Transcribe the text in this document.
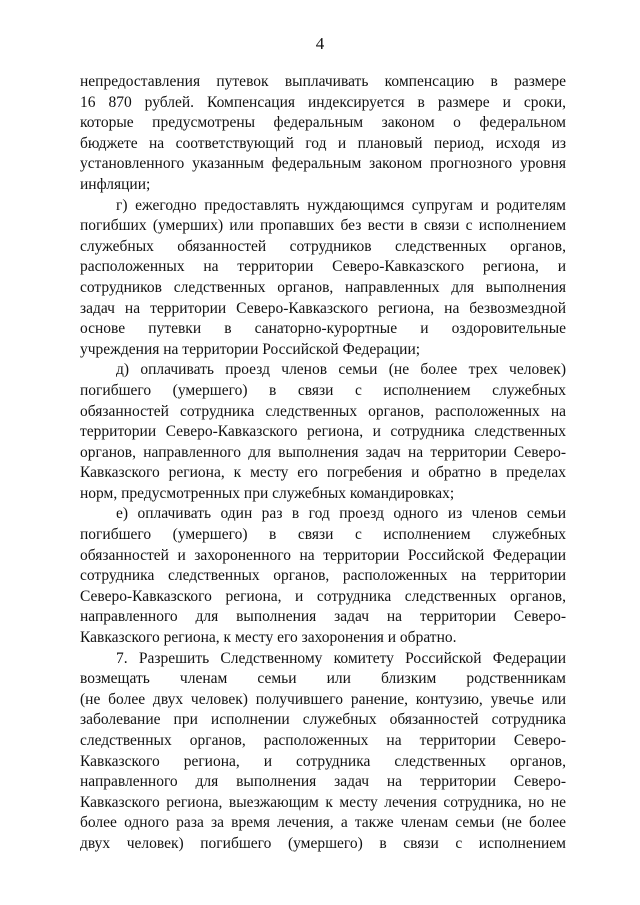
4
непредоставления путевок выплачивать компенсацию в размере
16 870 рублей. Компенсация индексируется в размере и сроки,
которые предусмотрены федеральным законом о федеральном
бюджете на соответствующий год и плановый период, исходя из
установленного указанным федеральным законом прогнозного уровня
инфляции;
г) ежегодно предоставлять нуждающимся супругам и родителям
погибших (умерших) или пропавших без вести в связи с исполнением
служебных обязанностей сотрудников следственных органов,
расположенных на территории Северо-Кавказского региона, и
сотрудников следственных органов, направленных для выполнения
задач на территории Северо-Кавказского региона, на безвозмездной
основе путевки в санаторно-курортные и оздоровительные
учреждения на территории Российской Федерации;
д) оплачивать проезд членов семьи (не более трех человек)
погибшего (умершего) в связи с исполнением служебных
обязанностей сотрудника следственных органов, расположенных на
территории Северо-Кавказского региона, и сотрудника следственных
органов, направленного для выполнения задач на территории Северо-
Кавказского региона, к месту его погребения и обратно в пределах
норм, предусмотренных при служебных командировках;
е) оплачивать один раз в год проезд одного из членов семьи
погибшего (умершего) в связи с исполнением служебных
обязанностей и захороненного на территории Российской Федерации
сотрудника следственных органов, расположенных на территории
Северо-Кавказского региона, и сотрудника следственных органов,
направленного для выполнения задач на территории Северо-
Кавказского региона, к месту его захоронения и обратно.
7. Разрешить Следственному комитету Российской Федерации
возмещать членам семьи или близким родственникам
(не более двух человек) получившего ранение, контузию, увечье или
заболевание при исполнении служебных обязанностей сотрудника
следственных органов, расположенных на территории Северо-
Кавказского региона, и сотрудника следственных органов,
направленного для выполнения задач на территории Северо-
Кавказского региона, выезжающим к месту лечения сотрудника, но не
более одного раза за время лечения, а также членам семьи (не более
двух человек) погибшего (умершего) в связи с исполнением
